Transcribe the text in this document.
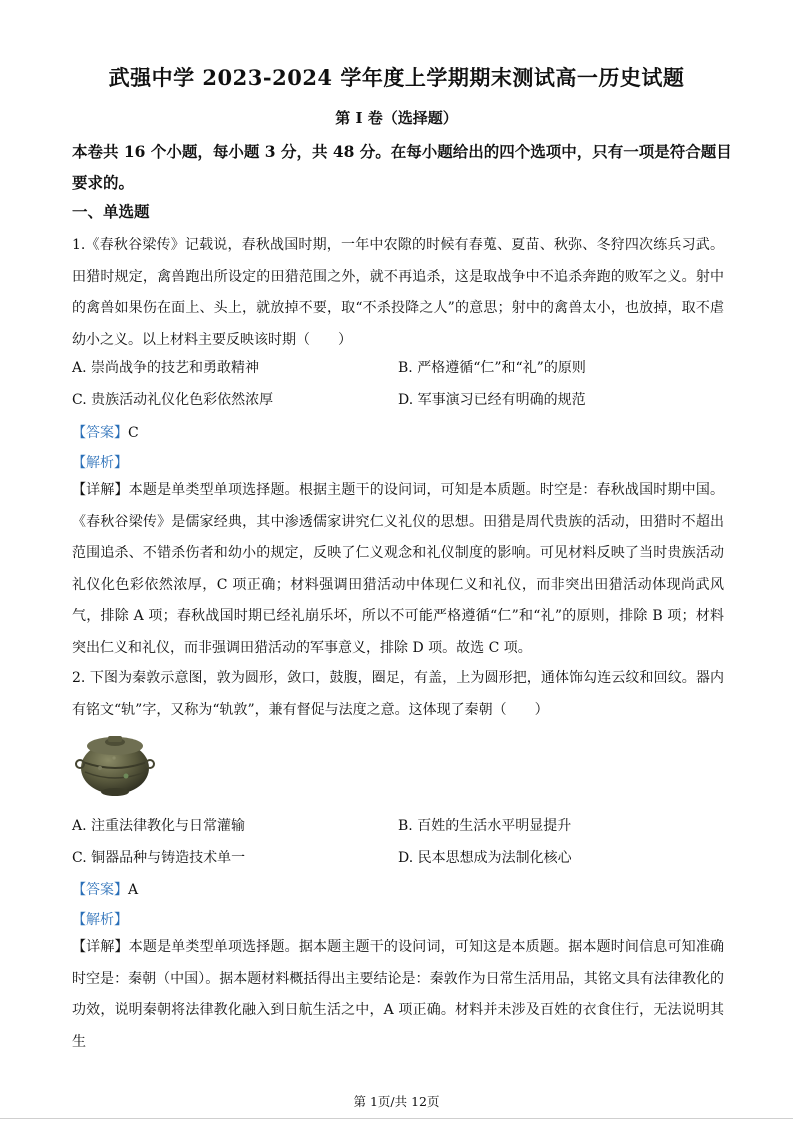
武强中学 2023-2024 学年度上学期期末测试高一历史试题
第 I 卷（选择题）
本卷共 16 个小题，每小题 3 分，共 48 分。在每小题给出的四个选项中，只有一项是符合题目要求的。
一、单选题
1.《春秋谷梁传》记载说，春秋战国时期，一年中农隙的时候有春蒐、夏苗、秋弥、冬狩四次练兵习武。田猎时规定，禽兽跑出所设定的田猎范围之外，就不再追杀，这是取战争中不追杀奔跑的败军之义。射中的禽兽如果伤在面上、头上，就放掉不要，取“不杀投降之人”的意思；射中的禽兽太小，也放掉，取不虐幼小之义。以上材料主要反映该时期（　　）
A. 崇尚战争的技艺和勇敢精神	B. 严格遵循“仁”和“礼”的原则
C. 贵族活动礼仪化色彩依然浓厚	D. 军事演习已经有明确的规范
【答案】C
【解析】
【详解】本题是单类型单项选择题。根据主题干的设问词，可知是本质题。时空是：春秋战国时期中国。《春秋谷梁传》是儒家经典，其中渗透儒家讲究仁义礼仪的思想。田猎是周代贵族的活动，田猎时不超出范围追杀、不错杀伤者和幼小的规定，反映了仁义观念和礼仪制度的影响。可见材料反映了当时贵族活动礼仪化色彩依然浓厚，C 项正确；材料强调田猎活动中体现仁义和礼仪，而非突出田猎活动体现尚武风气，排除 A 项；春秋战国时期已经礼崩乐坏，所以不可能严格遵循“仁”和“礼”的原则，排除 B 项；材料突出仁义和礼仪，而非强调田猎活动的军事意义，排除 D 项。故选 C 项。
2. 下图为秦敦示意图，敦为圆形，敛口，鼓腹，圈足，有盖，上为圆形把，通体饰勾连云纹和回纹。器内有铭文“轨”字，又称为“轨敦”，兼有督促与法度之意。这体现了秦朝（　　）
A. 注重法律教化与日常灌输	B. 百姓的生活水平明显提升
C. 铜器品种与铸造技术单一	D. 民本思想成为法制化核心
【答案】A
【解析】
【详解】本题是单类型单项选择题。据本题主题干的设问词，可知这是本质题。据本题时间信息可知准确时空是：秦朝（中国）。据本题材料概括得出主要结论是：秦敦作为日常生活用品，其铭文具有法律教化的功效，说明秦朝将法律教化融入到日航生活之中，A 项正确。材料并未涉及百姓的衣食住行，无法说明其生
第 1页/共 12页
